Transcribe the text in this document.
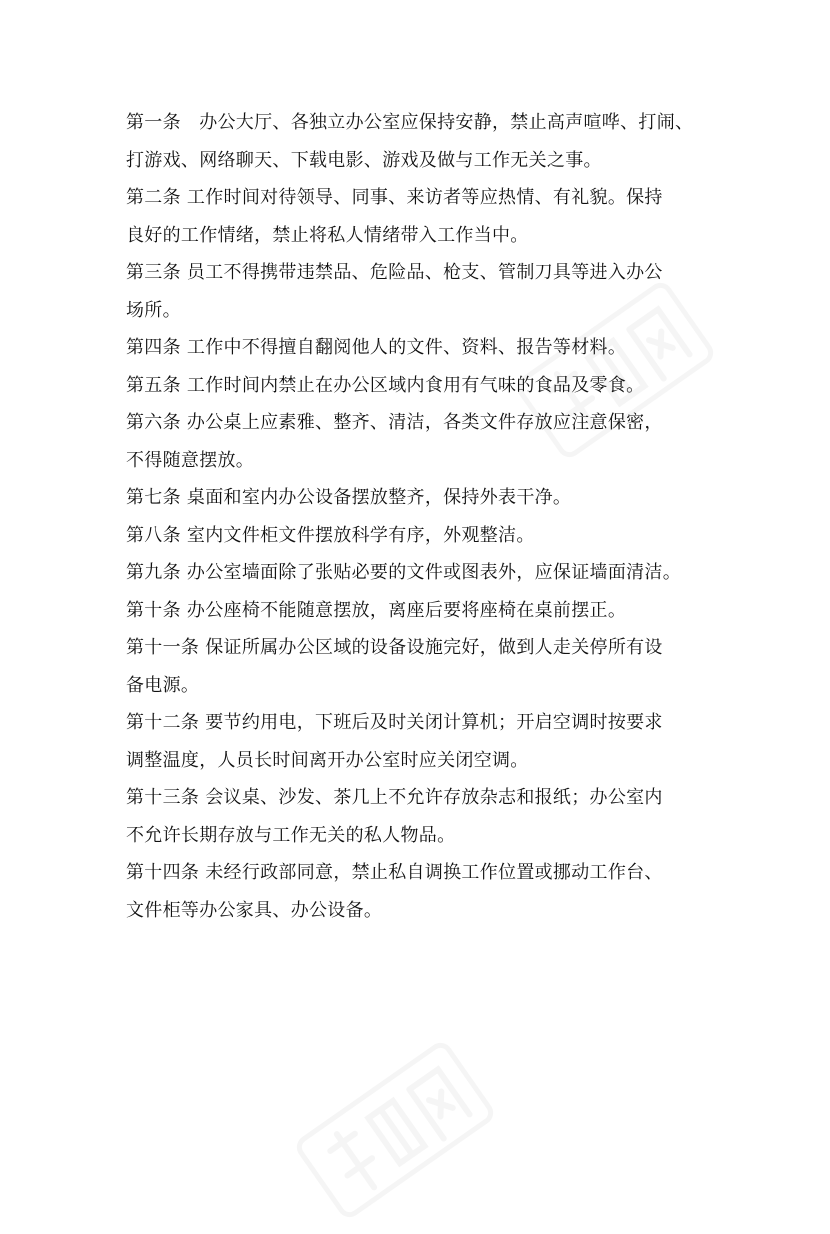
第一条　办公大厅、各独立办公室应保持安静，禁止高声喧哗、打闹、
打游戏、网络聊天、下载电影、游戏及做与工作无关之事。
第二条 工作时间对待领导、同事、来访者等应热情、有礼貌。保持
良好的工作情绪，禁止将私人情绪带入工作当中。
第三条 员工不得携带违禁品、危险品、枪支、管制刀具等进入办公
场所。
第四条 工作中不得擅自翻阅他人的文件、资料、报告等材料。
第五条 工作时间内禁止在办公区域内食用有气味的食品及零食。
第六条 办公桌上应素雅、整齐、清洁，各类文件存放应注意保密，
不得随意摆放。
第七条 桌面和室内办公设备摆放整齐，保持外表干净。
第八条 室内文件柜文件摆放科学有序，外观整洁。
第九条 办公室墙面除了张贴必要的文件或图表外，应保证墙面清洁。
第十条 办公座椅不能随意摆放，离座后要将座椅在桌前摆正。
第十一条 保证所属办公区域的设备设施完好，做到人走关停所有设
备电源。
第十二条 要节约用电，下班后及时关闭计算机；开启空调时按要求
调整温度，人员长时间离开办公室时应关闭空调。
第十三条 会议桌、沙发、茶几上不允许存放杂志和报纸；办公室内
不允许长期存放与工作无关的私人物品。
第十四条 未经行政部同意，禁止私自调换工作位置或挪动工作台、
文件柜等办公家具、办公设备。
